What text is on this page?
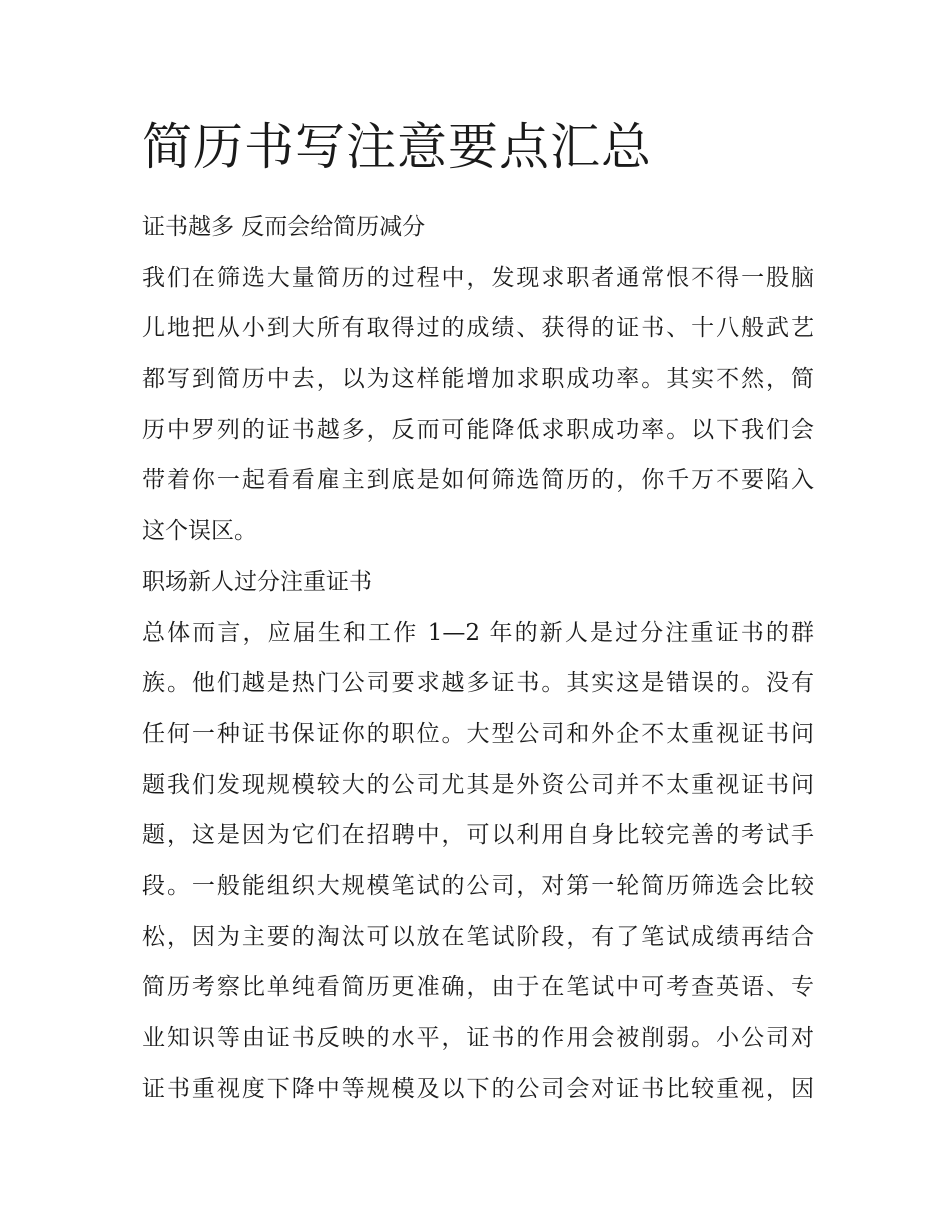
简历书写注意要点汇总
证书越多 反而会给简历减分
我们在筛选大量简历的过程中，发现求职者通常恨不得一股脑
儿地把从小到大所有取得过的成绩、获得的证书、十八般武艺
都写到简历中去，以为这样能增加求职成功率。其实不然，简
历中罗列的证书越多，反而可能降低求职成功率。以下我们会
带着你一起看看雇主到底是如何筛选简历的，你千万不要陷入
这个误区。
职场新人过分注重证书
总体而言，应届生和工作 1—2 年的新人是过分注重证书的群
族。他们越是热门公司要求越多证书。其实这是错误的。没有
任何一种证书保证你的职位。大型公司和外企不太重视证书问
题我们发现规模较大的公司尤其是外资公司并不太重视证书问
题，这是因为它们在招聘中，可以利用自身比较完善的考试手
段。一般能组织大规模笔试的公司，对第一轮简历筛选会比较
松，因为主要的淘汰可以放在笔试阶段，有了笔试成绩再结合
简历考察比单纯看简历更准确，由于在笔试中可考查英语、专
业知识等由证书反映的水平，证书的作用会被削弱。小公司对
证书重视度下降中等规模及以下的公司会对证书比较重视，因
